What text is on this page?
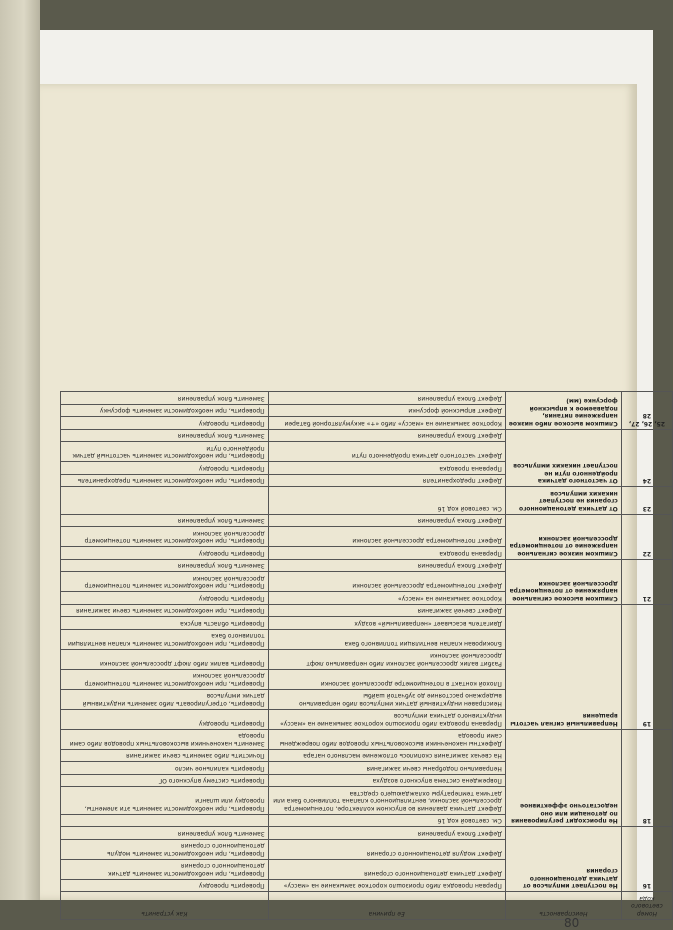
Номер светового кода	Неисправность	Ее причина	Как устранить
16	Не поступает импульсов от датчика детонационного сгорания	Прерван проводка либо произошло короткое замыкание на «массу»	Проверить проводку
		Дефект датчика детонационного сгорания	Проверить, при необходимости заменить датчик детонационного сгорания
		Дефект модуля детонационного сгорания	Проверить, при необходимости заменить модуль детонационного сгорания
		Дефект блока управления	Заменить блок управления
18	Не происходит регулирования по детонации или оно недостаточно эффективное	См. световой код 16	
		Дефект датчика давления во впускном коллекторе, потенциометра дроссельной заслонки, вентиляционного клапана топливного бака или датчика температуры охлаждающего средства	Проверить, при необходимости заменить эти элементы, проводку или шланги
		Повреждена система впускного воздуха	Проверить систему впускного ОГ
		Неправильно подобраны свечи зажигания	Проверить калильное число
		На свечах зажигания скопилось отложение масляного нагара	Почистить либо заменить свечи зажигания
		Дефектны наконечники высоковольтных проводов либо повреждены сами провода	Заменить наконечники высоковольтных проводов либо сами провода
19	Неправильный сигнал частоты вращения	Прервана проводка либо произошло короткое замыкание на «массу» индуктивного датчика импульсов	Проверить проводку
		Неисправен индуктивный датчик импульсов либо неправильно выдержано расстояние до зубчатой шайбы	Проверить, отрегулировать либо заменить индуктивный датчик импульсов
		Плохой контакт в потенциометре дроссельной заслонки	Проверить, при необходимости заменить потенциометр дроссельной заслонки
		Разбит валик дроссельной заслонки либо неправильно люфт дроссельной заслонки	Проверить валик либо люфт дроссельной заслонки
		Блокирован клапан вентиляции топливного бака	Проверить, при необходимости заменить клапан вентиляции топливного бака
		Двигатель всасывает «неправильный» воздух	Проверить область впуска
		Дефект свечей зажигания	Проверить, при необходимости заменить свечи зажигания
21	Слишком высокое сигнальное напряжение от потенциометра дроссельной заслонки	Короткое замыкание на «массу»	Проверить проводку
		Дефект потенциометра дроссельной заслонки	Проверить, при необходимости заменить потенциометр дроссельной заслонки
		Дефект блока управления	Заменить блок управления
22	Слишком низкое сигнальное напряжение от потенциометра дроссельной заслонки	Прервана проводка	Проверить проводку
		Дефект потенциометра дроссельной заслонки	Проверить, при необходимости заменить потенциометр дроссельной заслонки
		Дефект блока управления	Заменить блок управления
23	От датчика детонационного сгорания не поступает никаких импульсов	См. световой код 16	
24	От частотного датчика пройденного пути не поступает никаких импульсов	Дефект предохранителя	Проверить, при необходимости заменить предохранитель
		Прервана проводка	Проверить проводку
		Дефект частотного датчика пройденного пути	Проверить, при необходимости заменить частотный датчик пройденного пути
		Дефект блока управления	Заменить блок управления
25, 26, 27, 28	Слишком высокое либо низкое напряжение питания, подаваемое к впрыскной форсунке (мм)	Короткое замыкание на «массу» либо «+» аккумуляторной батареи	Проверить проводку
		Дефект впрыскной форсунки	Проверить, при необходимости заменить форсунку
		Дефект блока управления	Заменить блок управления
80
